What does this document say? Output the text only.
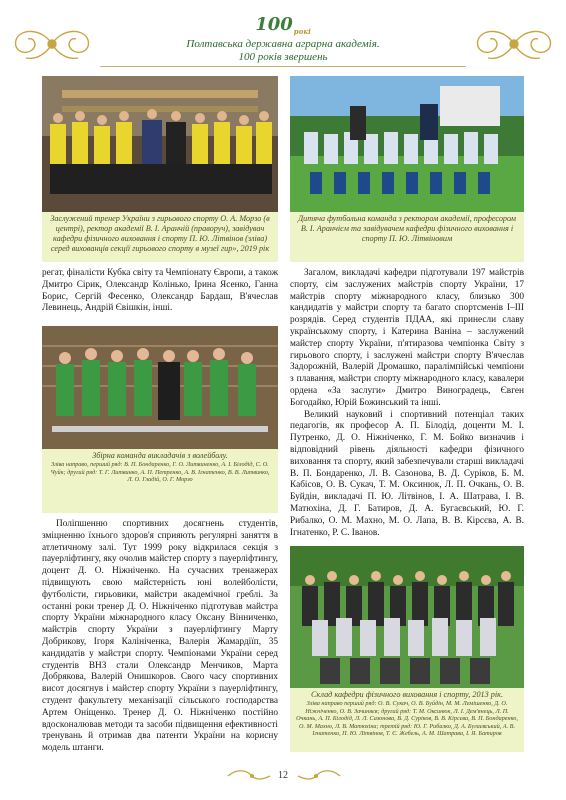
$100_{рокі}$
Полтавська державна аграрна академія.
100 років звершень
Заслужений тренер України з гирьового спорту О. А. Морзо (в центрі), ректор академії В. І. Аранчій (праворуч), завідувач кафедри фізичного виховання і спорту П. Ю. Літвінов (зліва) серед вихованців секції гирьового спорту в музеї гир», 2019 рік
Дитяча футбольна команда з ректором академії, професором В. І. Аранчієм та завідувачем кафедри фізичного виховання і спорту П. Ю. Літвіновим

регат, фіналісти Кубка світу та Чемпіонату Європи, а також Дмитро Сірик, Олександр Колінько, Ірина Ясенко, Ганна Борис, Сергій Фесенко, Олександр Бардаш, В'ячеслав Левинець, Андрій Євішкін, інші.

Збірна команда викладачів з волейболу.
Зліва направо, перший ряд: В. П. Бондаренко, Г. О. Литвиненко, А. І. Білодід, С. О. Чуйк; другий ряд: Т. Г. Литвинко, А. П. Петренко, А. В. Ігнатенко, В. В. Литвинко, Л. О. Гладій, О. Г. Морзо

Поліпшенню спортивних досягнень студентів, зміцненню їхнього здоров'я сприяють регулярні заняття в атлетичному залі. Тут 1999 року відкрилася секція з пауерліфтингу, яку очолив майстер спорту з пауерліфтингу, доцент Д. О. Ніжніченко. На сучасних тренажерах підвищують свою майстерність юні волейболісти, футболісти, гирьовики, майстри академічної греблі. За останні роки тренер Д. О. Ніжніченко підготував майстра спорту України міжнародного класу Оксану Вінниченко, майстрів спорту України з пауерліфтингу Марту Добрикову, Ігоря Калініченка, Валерія Жамардіїп, 35 кандидатів у майстри спорту. Чемпіонами України серед студентів ВНЗ стали Олександр Менчиков, Марта Добрякова, Валерій Онишкоров. Свого часу спортивних висот досягнув і майстер спорту України з пауерліфтингу, студент факультету механізації сільського господарства Артем Оніщенко. Тренер Д. О. Ніжніченко постійно вдосконалював методи та засоби підвищення ефективності тренувань й отримав два патенти України на корисну модель штанги.

Загалом, викладачі кафедри підготували 197 майстрів спорту, сім заслужених майстрів спорту України, 17 майстрів спорту міжнародного класу, близько 300 кандидатів у майстри спорту та багато спортсменів І–ІІІ розрядів. Серед студентів ПДАА, які принесли славу українському спорту, і Катерина Ваніна – заслужений майстер спорту України, п'ятиразова чемпіонка Світу з гирьового спорту, і заслужені майстри спорту В'ячеслав Задорожній, Валерій Дромашко, паралімпійські чемпіони з плавання, майстри спорту міжнародного класу, кавалери ордена «За заслуги» Дмитро Виноградець, Євген Богодайко, Юрій Божинський та інші.

Великий науковий і спортивний потенціал таких педагогів, як професор А. П. Білодід, доценти М. І. Путренко, Д. О. Ніжніченко, Г. М. Бойко визначив і відповідний рівень діяльності кафедри фізичного виховання та спорту, який забезпечували старші викладачі В. П. Бондаренко, Л. В. Сазонова, В. Д. Суріков, Б. М. Кабісов, О. В. Сукач, Т. М. Оксинюк, Л. П. Очкань, О. В. Буйдін, викладачі П. Ю. Літвінов, І. А. Шатрава, І. В. Матюхіна, Д. Г. Батиров, Д. А. Бугаєвський, Ю. Г. Рибалко, О. М. Махно, М. О. Лапа, В. В. Кірсєва, А. В. Ігнатенко, Р. С. Іванов.

Склад кафедри фізичного виховання і спорту, 2013 рік.
Зліва направо перший ряд: О. В. Сукач, О. В. Буйдін, М. М. Лемішенко, Д. О. Ніжніченко, О. В. Зачиняєв; другий ряд: Т. М. Оксинюк, Л. І. Дем'янець, Л. П. Очкань, А. П. Білодід, Л. Л. Сазонова, В. Д. Суріков, В. В. Кірсєва, В. П. Бондаренко, О. М. Махно, Л. В. Матюхіна; третій ряд: Ю. Г. Рибалко, Д. А. Бугаєвський, А. В. Ігнатенко, П. Ю. Літвінов, Т. Є. Жебель, А. М. Шатрава, І. Я. Батиров
12
